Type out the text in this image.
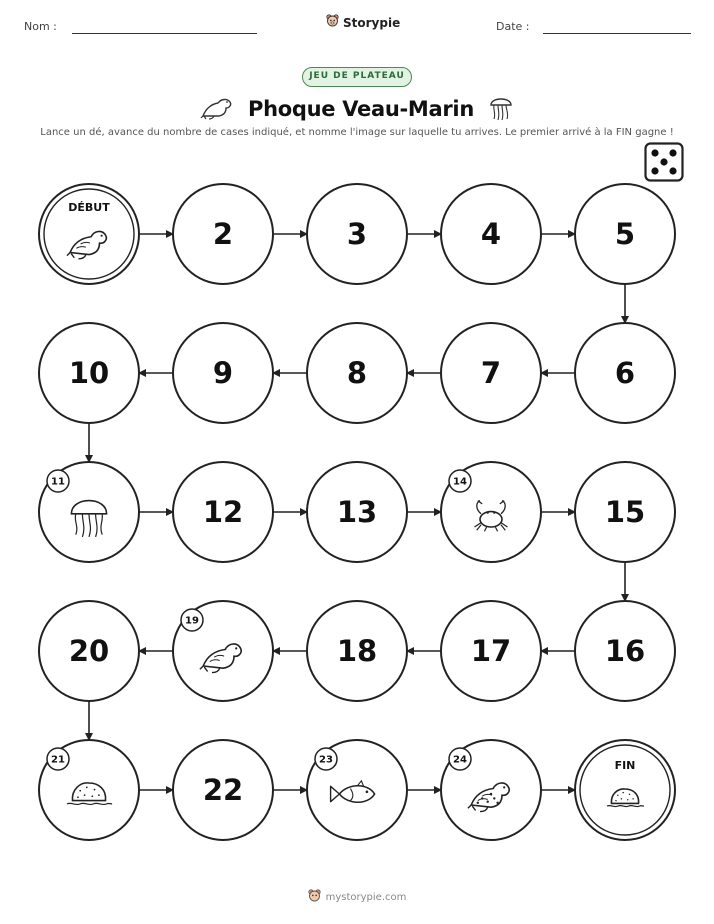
Nom :	Storypie	Date :
JEU DE PLATEAU
Phoque Veau-Marin
Lance un dé, avance du nombre de cases indiqué, et nomme l'image sur laquelle tu arrives. Le premier arrivé à la FIN gagne !
DÉBUT
2	3	4	5
6
7
8
9
10
11
12	13
14
15
16
17
18
19
20
21
22
23	24	FIN
mystorypie.com
